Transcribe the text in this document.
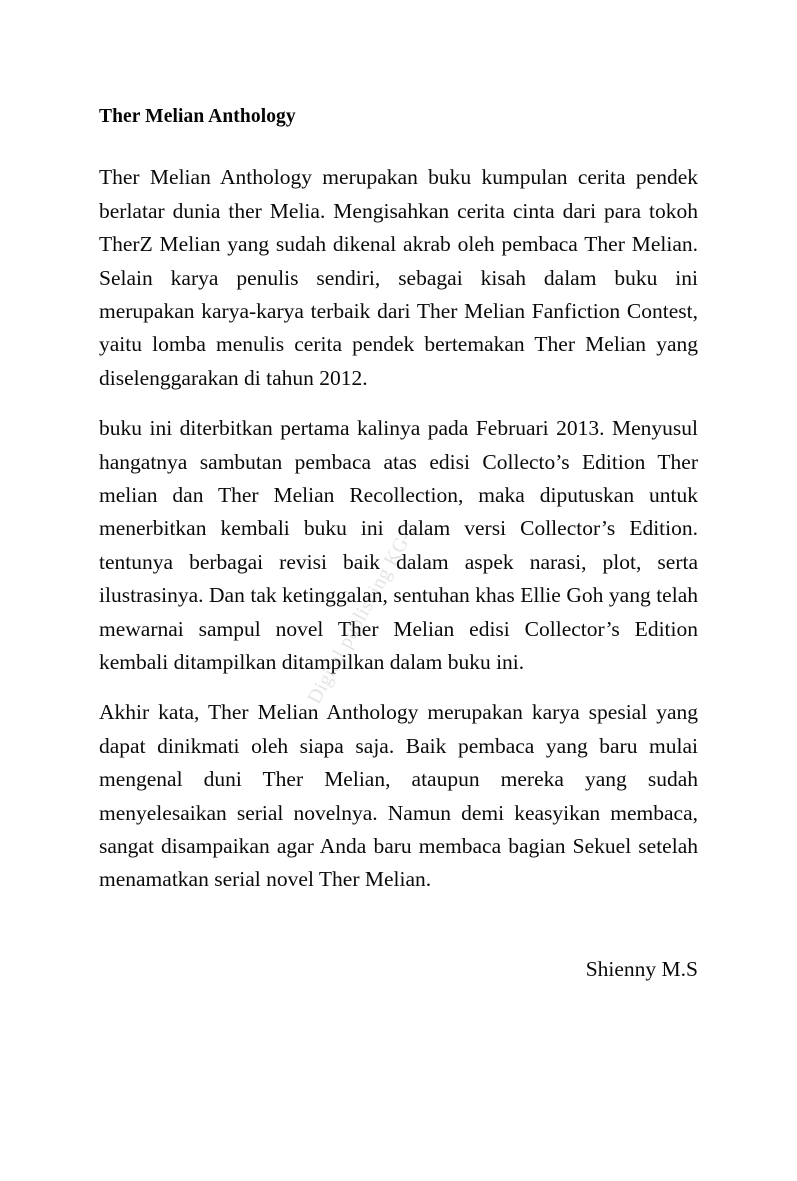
Digital publishing KG-2
Ther Melian Anthology

Ther Melian Anthology merupakan buku kumpulan cerita pendek berlatar dunia ther Melia. Mengisahkan cerita cinta dari para tokoh TherZ Melian yang sudah dikenal akrab oleh pembaca Ther Melian. Selain karya penulis sendiri, sebagai kisah dalam buku ini merupakan karya-karya terbaik dari Ther Melian Fanfiction Contest, yaitu lomba menulis cerita pendek bertemakan Ther Melian yang diselenggarakan di tahun 2012.

buku ini diterbitkan pertama kalinya pada Februari 2013. Menyusul hangatnya sambutan pembaca atas edisi Collecto’s Edition Ther melian dan Ther Melian Recollection, maka diputuskan untuk menerbitkan kembali buku ini dalam versi Collector’s Edition. tentunya berbagai revisi baik dalam aspek narasi, plot, serta ilustrasinya. Dan tak ketinggalan, sentuhan khas Ellie Goh yang telah mewarnai sampul novel Ther Melian edisi Collector’s Edition kembali ditampilkan ditampilkan dalam buku ini.

Akhir kata, Ther Melian Anthology merupakan karya spesial yang dapat dinikmati oleh siapa saja. Baik pembaca yang baru mulai mengenal duni Ther Melian, ataupun mereka yang sudah menyelesaikan serial novelnya. Namun demi keasyikan membaca, sangat disampaikan agar Anda baru membaca bagian Sekuel setelah menamatkan serial novel Ther Melian.

Shienny M.S
